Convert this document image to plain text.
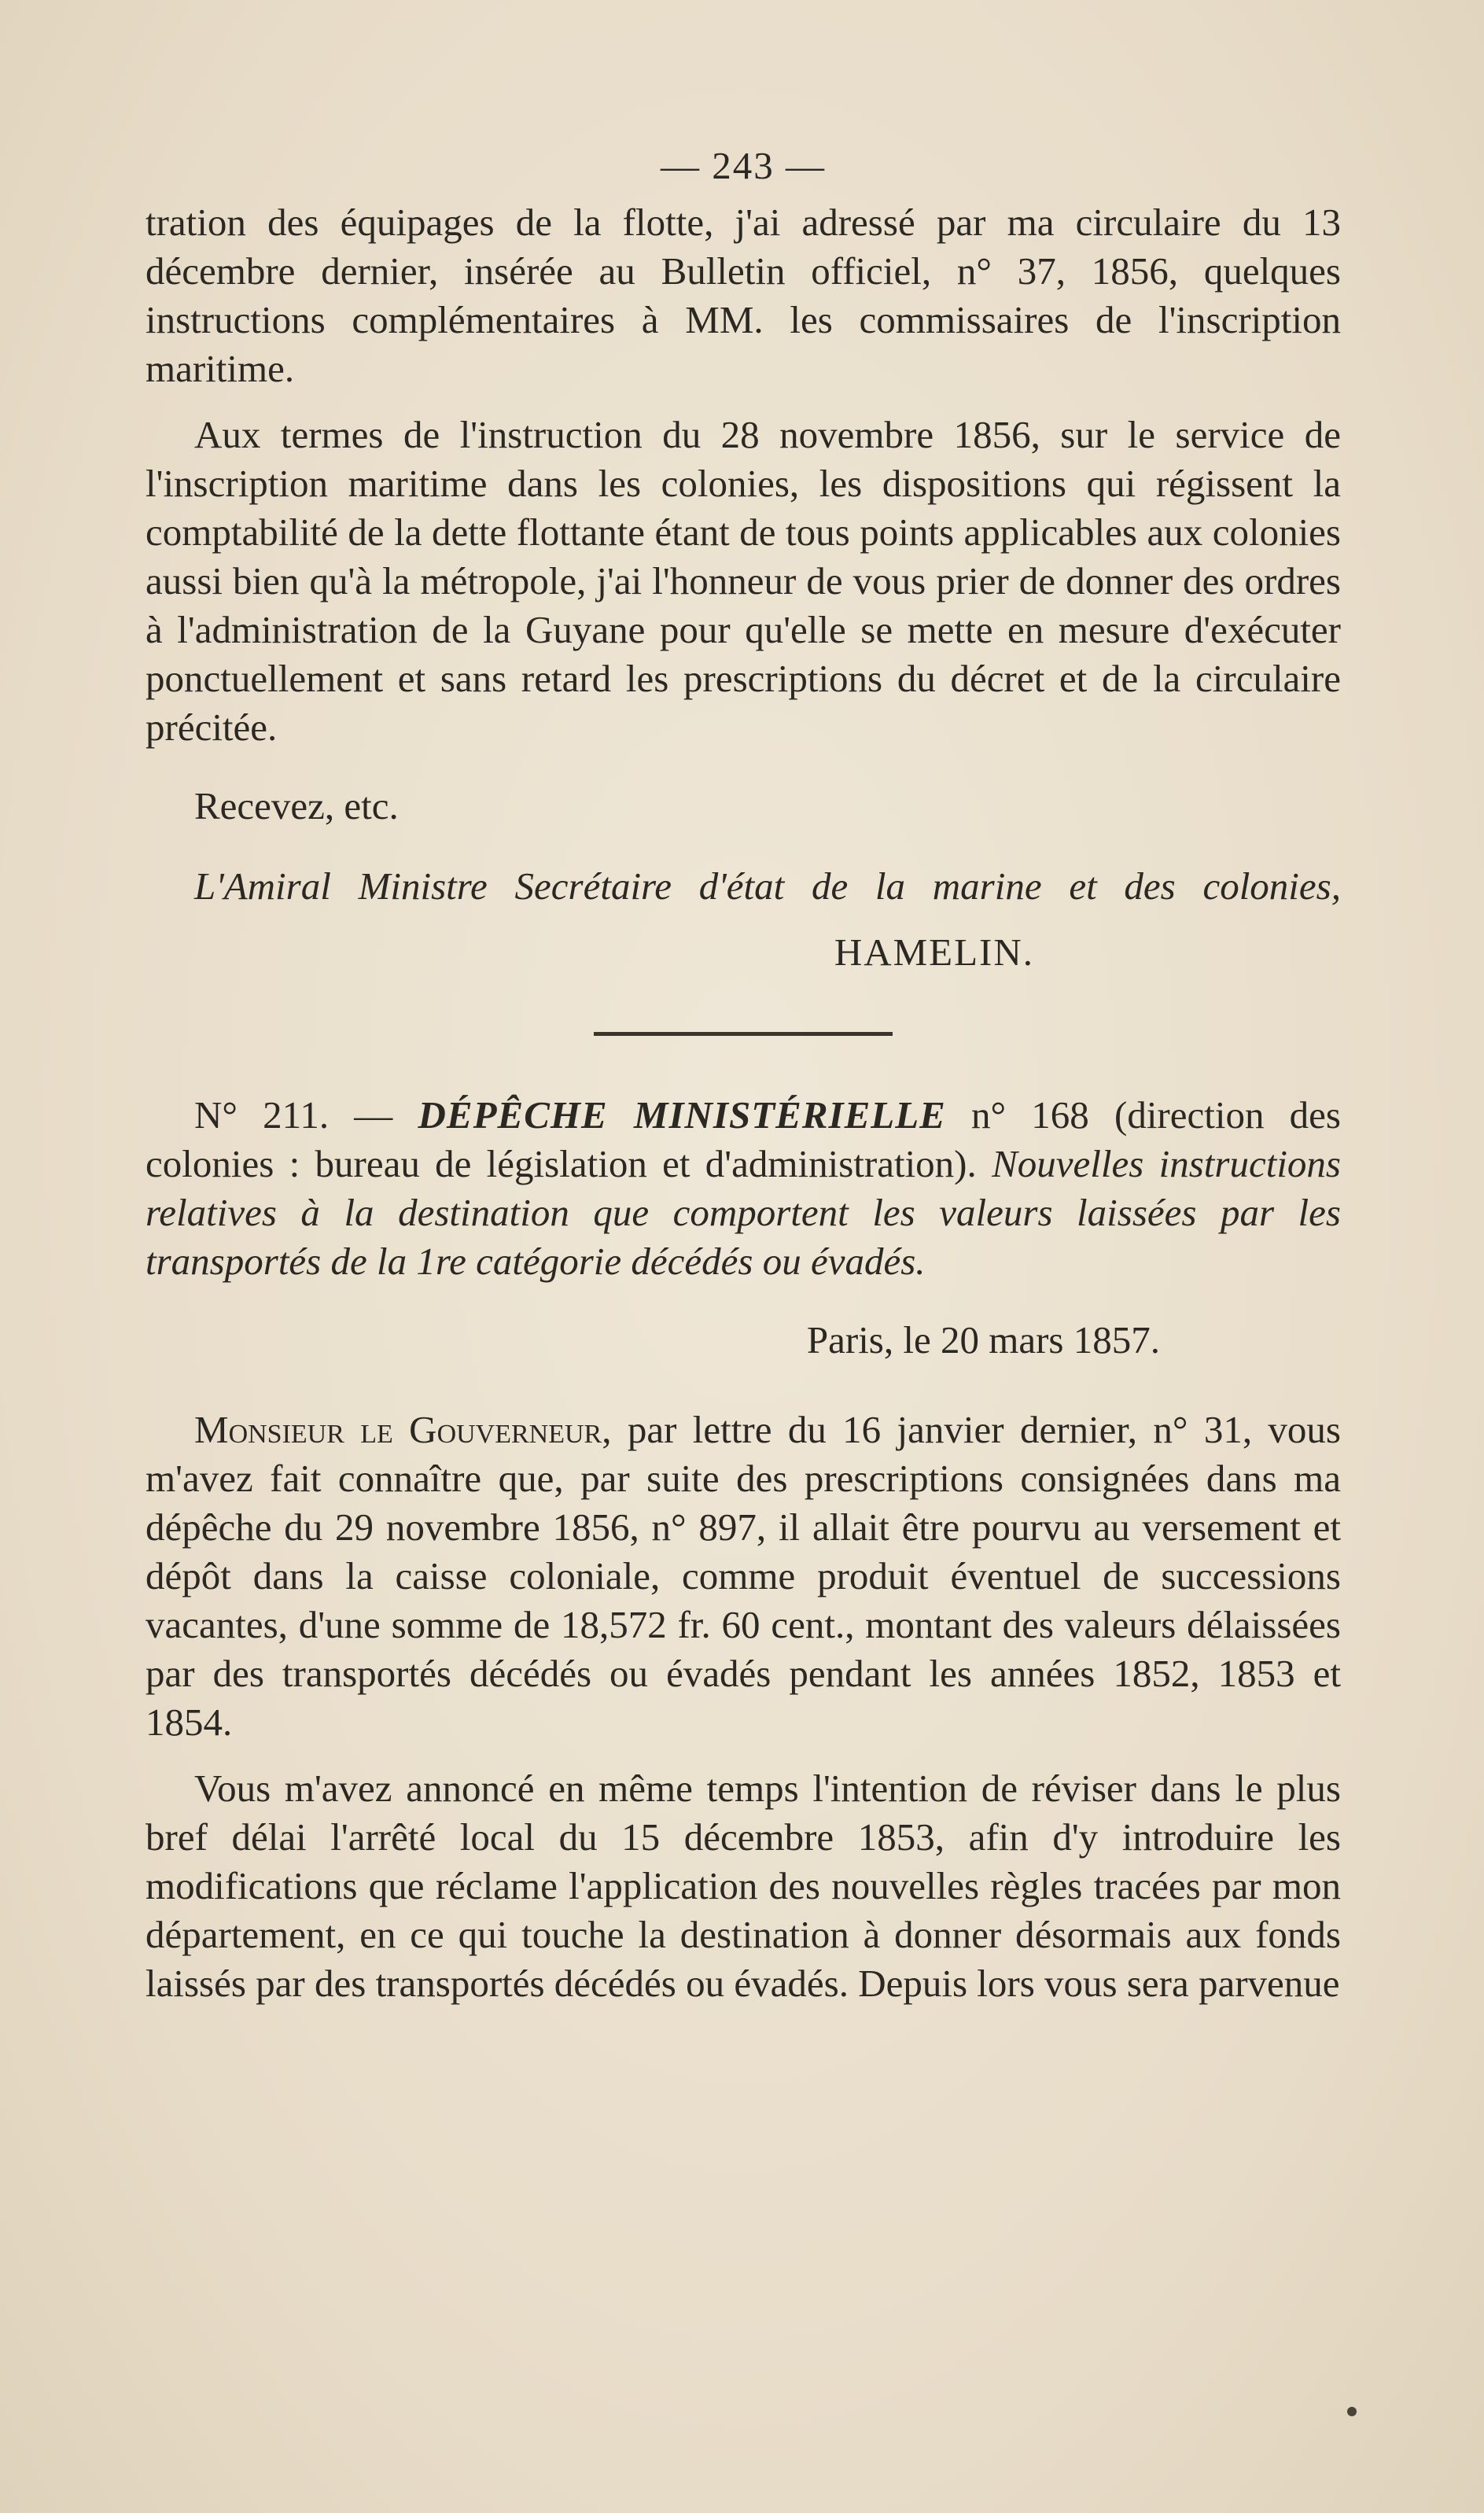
— 243 —

tration des équipages de la flotte, j'ai adressé par ma circulaire du 13 décembre dernier, insérée au Bulletin officiel, n° 37, 1856, quelques instructions complémentaires à MM. les commissaires de l'inscription maritime.

Aux termes de l'instruction du 28 novembre 1856, sur le service de l'inscription maritime dans les colonies, les dispositions qui régissent la comptabilité de la dette flottante étant de tous points applicables aux colonies aussi bien qu'à la métropole, j'ai l'honneur de vous prier de donner des ordres à l'administration de la Guyane pour qu'elle se mette en mesure d'exécuter ponctuellement et sans retard les prescriptions du décret et de la circulaire précitée.

Recevez, etc.

L'Amiral Ministre Secrétaire d'état de la marine et des colonies,

HAMELIN.

N° 211. — DÉPÊCHE MINISTÉRIELLE n° 168 (direction des colonies : bureau de législation et d'administration). Nouvelles instructions relatives à la destination que comportent les valeurs laissées par les transportés de la 1re catégorie décédés ou évadés.

Paris, le 20 mars 1857.

Monsieur le Gouverneur, par lettre du 16 janvier dernier, n° 31, vous m'avez fait connaître que, par suite des prescriptions consignées dans ma dépêche du 29 novembre 1856, n° 897, il allait être pourvu au versement et dépôt dans la caisse coloniale, comme produit éventuel de successions vacantes, d'une somme de 18,572 fr. 60 cent., montant des valeurs délaissées par des transportés décédés ou évadés pendant les années 1852, 1853 et 1854.

Vous m'avez annoncé en même temps l'intention de réviser dans le plus bref délai l'arrêté local du 15 décembre 1853, afin d'y introduire les modifications que réclame l'application des nouvelles règles tracées par mon département, en ce qui touche la destination à donner désormais aux fonds laissés par des transportés décédés ou évadés. Depuis lors vous sera parvenue
